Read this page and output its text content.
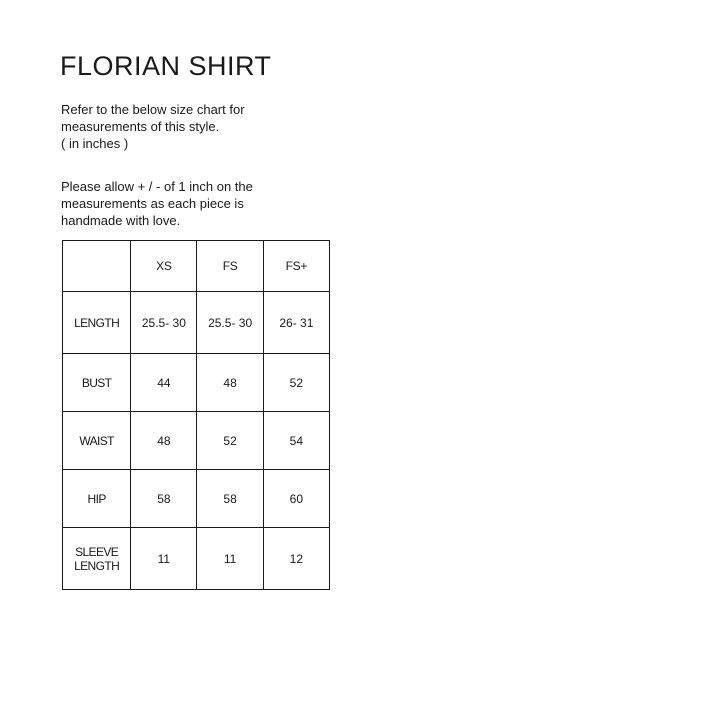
FLORIAN SHIRT
Refer to the below size chart for
measurements of this style.
( in inches )
Please allow + / - of 1 inch on the
measurements as each piece is
handmade with love.
	XS	FS	FS+
LENGTH	25.5- 30	25.5- 30	26- 31
BUST	44	48	52
WAIST	48	52	54
HIP	58	58	60

SLEEVE
LENGTH	11	11	12
